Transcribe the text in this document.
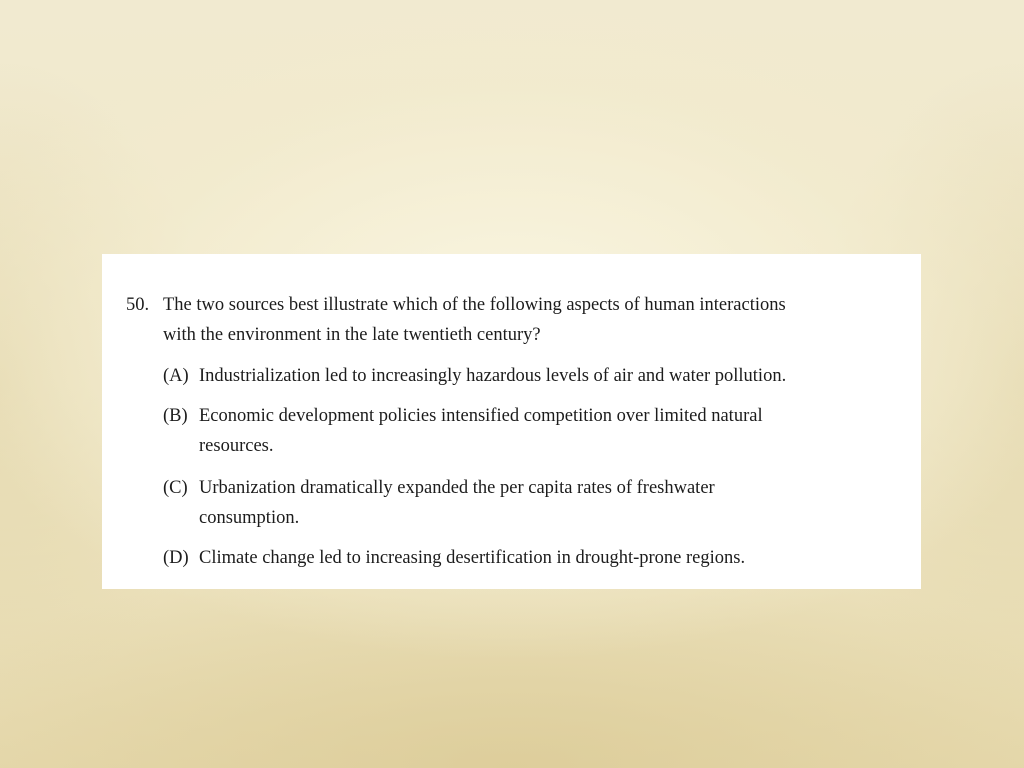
50. The two sources best illustrate which of the following aspects of human interactions
with the environment in the late twentieth century?
(A) Industrialization led to increasingly hazardous levels of air and water pollution.
(B) Economic development policies intensified competition over limited natural
resources.
(C) Urbanization dramatically expanded the per capita rates of freshwater
consumption.
(D) Climate change led to increasing desertification in drought-prone regions.
